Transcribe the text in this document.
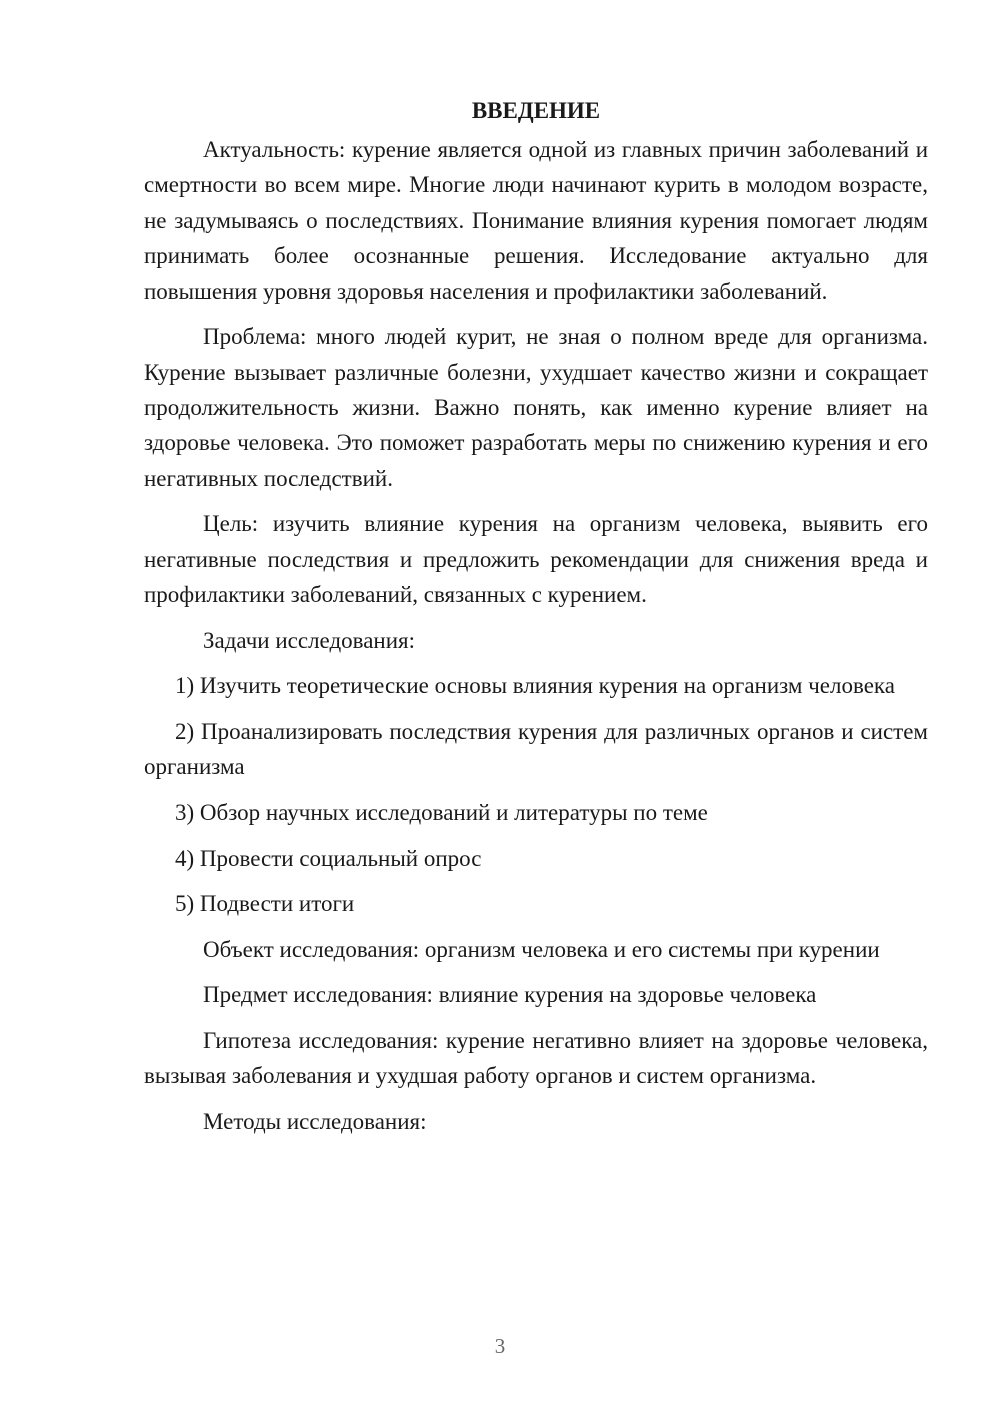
ВВЕДЕНИЕ

Актуальность: курение является одной из главных причин заболеваний и смертности во всем мире. Многие люди начинают курить в молодом возрасте, не задумываясь о последствиях. Понимание влияния курения помогает людям принимать более осознанные решения. Исследование актуально для повышения уровня здоровья населения и профилактики заболеваний.

Проблема: много людей курит, не зная о полном вреде для организма. Курение вызывает различные болезни, ухудшает качество жизни и сокращает продолжительность жизни. Важно понять, как именно курение влияет на здоровье человека. Это поможет разработать меры по снижению курения и его негативных последствий.

Цель: изучить влияние курения на организм человека, выявить его негативные последствия и предложить рекомендации для снижения вреда и профилактики заболеваний, связанных с курением.

Задачи исследования:

1) Изучить теоретические основы влияния курения на организм человека

2) Проанализировать последствия курения для различных органов и систем организма

3) Обзор научных исследований и литературы по теме

4) Провести социальный опрос

5) Подвести итоги

Объект исследования: организм человека и его системы при курении

Предмет исследования: влияние курения на здоровье человека

Гипотеза исследования: курение негативно влияет на здоровье человека, вызывая заболевания и ухудшая работу органов и систем организма.

Методы исследования:

3
